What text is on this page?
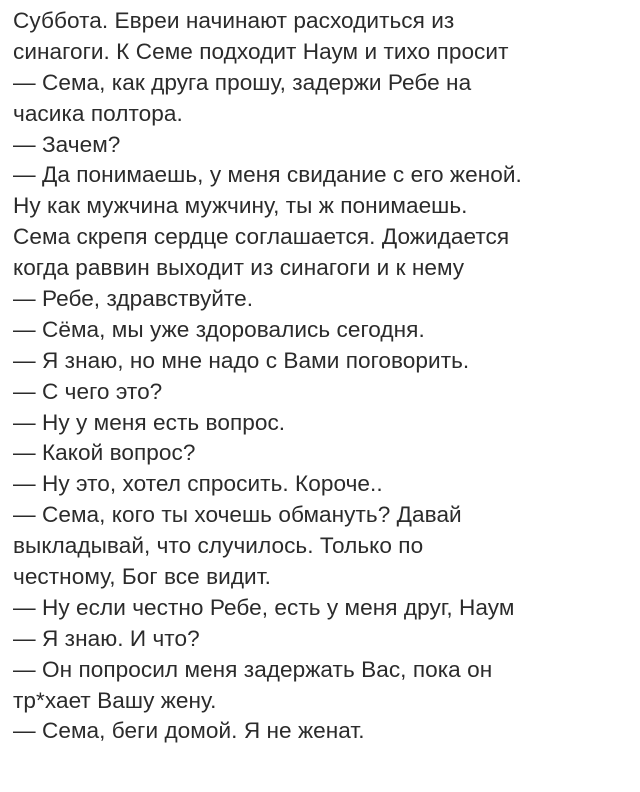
Суббота. Евреи начинают расходиться из
синагоги. К Семе подходит Наум и тихо просит
— Сема, как друга прошу, задержи Ребе на
часика полтора.
— Зачем?
— Да понимаешь, у меня свидание с его женой.
Ну как мужчина мужчину, ты ж понимаешь.
Сема скрепя сердце соглашается. Дожидается
когда раввин выходит из синагоги и к нему
— Ребе, здравствуйте.
— Сёма, мы уже здоровались сегодня.
— Я знаю, но мне надо с Вами поговорить.
— С чего это?
— Ну у меня есть вопрос.
— Какой вопрос?
— Ну это, хотел спросить. Короче..
— Сема, кого ты хочешь обмануть? Давай
выкладывай, что случилось. Только по
честному, Бог все видит.
— Ну если честно Ребе, есть у меня друг, Наум
— Я знаю. И что?
— Он попросил меня задержать Вас, пока он
тр*хает Вашу жену.
— Сема, беги домой. Я не женат.
